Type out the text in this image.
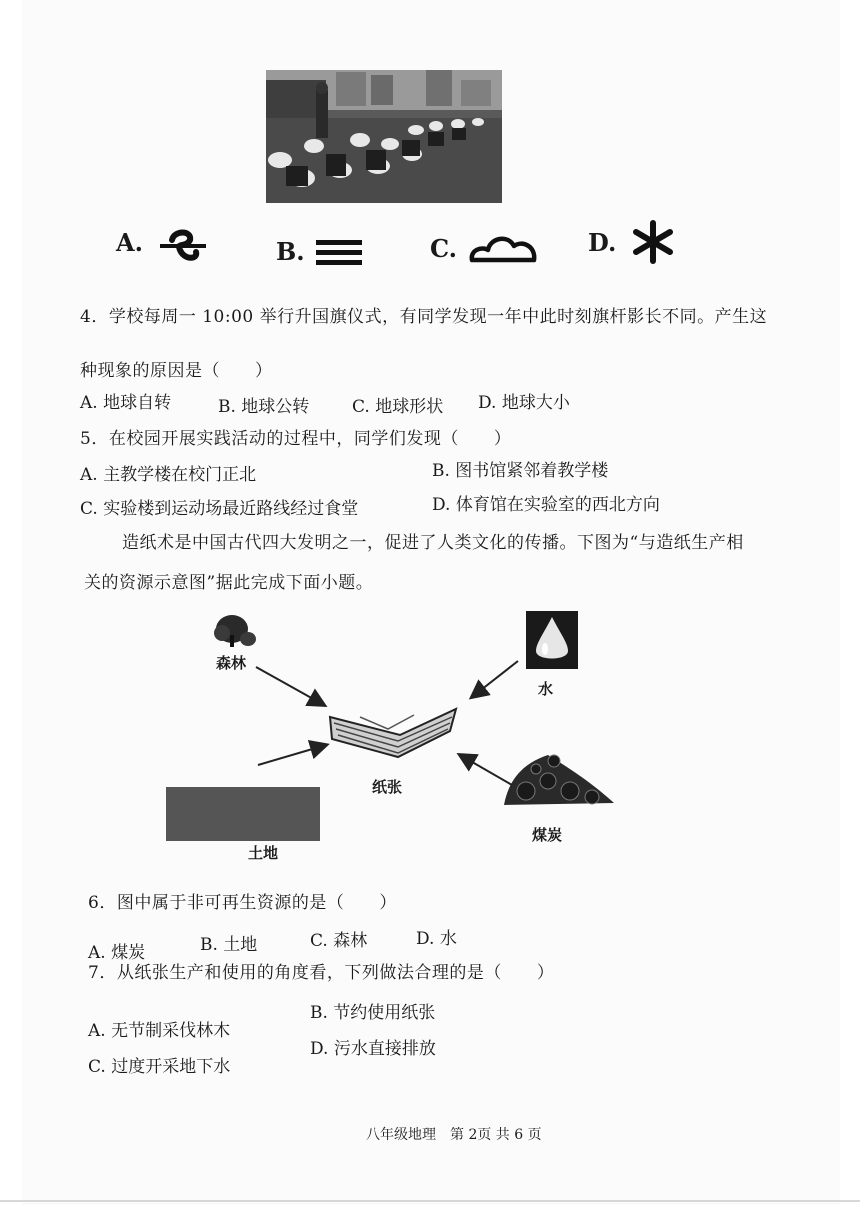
A.	B.	C.	D.
4．学校每周一 10:00 举行升国旗仪式，有同学发现一年中此时刻旗杆影长不同。产生这
种现象的原因是（　　）
A. 地球自转	B. 地球公转	C. 地球形状 D. 地球大小
5．在校园开展实践活动的过程中，同学们发现（　　）
A. 主教学楼在校门正北	B. 图书馆紧邻着教学楼
C. 实验楼到运动场最近路线经过食堂	D. 体育馆在实验室的西北方向
造纸术是中国古代四大发明之一，促进了人类文化的传播。下图为“与造纸生产相
关的资源示意图”据此完成下面小题。
森林
水
纸张
土地
煤炭
6．图中属于非可再生资源的是（　　）
A. 煤炭	B. 土地	C. 森林	D. 水
7．从纸张生产和使用的角度看，下列做法合理的是（　　）
A. 无节制采伐林木
B. 节约使用纸张
C. 过度开采地下水
D. 污水直接排放
八年级地理　第 2页 共 6 页
